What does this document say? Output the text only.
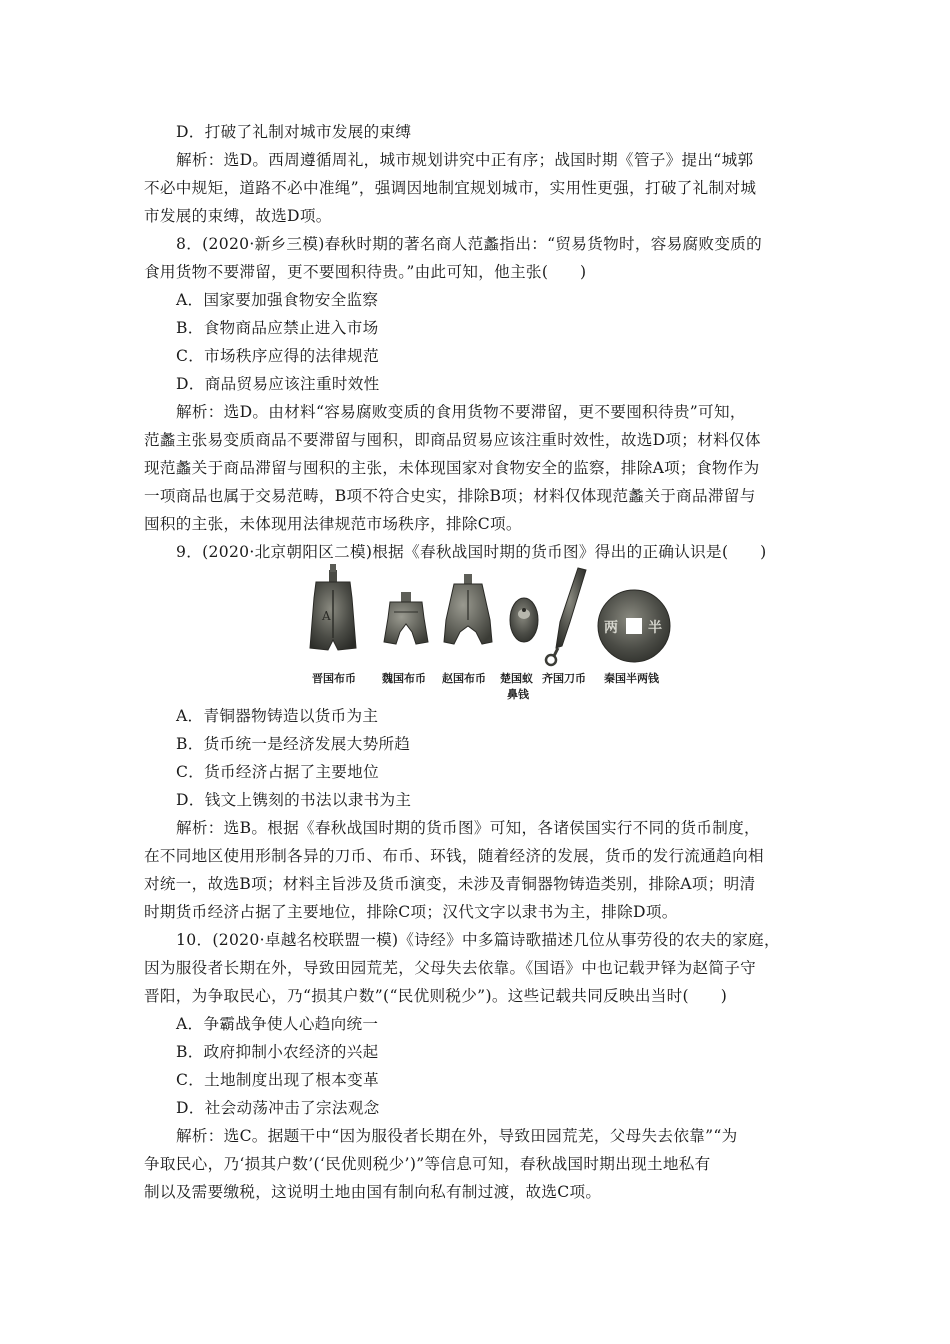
D．打破了礼制对城市发展的束缚
解析：选D。西周遵循周礼，城市规划讲究中正有序；战国时期《管子》提出“城郭
不必中规矩，道路不必中准绳”，强调因地制宜规划城市，实用性更强，打破了礼制对城
市发展的束缚，故选D项。
8．(2020·新乡三模)春秋时期的著名商人范蠡指出：“贸易货物时，容易腐败变质的
食用货物不要滞留，更不要囤积待贵。”由此可知，他主张(　　)
A．国家要加强食物安全监察
B．食物商品应禁止进入市场
C．市场秩序应得的法律规范
D．商品贸易应该注重时效性
解析：选D。由材料“容易腐败变质的食用货物不要滞留，更不要囤积待贵”可知，
范蠡主张易变质商品不要滞留与囤积，即商品贸易应该注重时效性，故选D项；材料仅体
现范蠡关于商品滞留与囤积的主张，未体现国家对食物安全的监察，排除A项；食物作为
一项商品也属于交易范畴，B项不符合史实，排除B项；材料仅体现范蠡关于商品滞留与
囤积的主张，未体现用法律规范市场秩序，排除C项。
9．(2020·北京朝阳区二模)根据《春秋战国时期的货币图》得出的正确认识是(　　)
A．青铜器物铸造以货币为主
B．货币统一是经济发展大势所趋
C．货币经济占据了主要地位
D．钱文上镌刻的书法以隶书为主
解析：选B。根据《春秋战国时期的货币图》可知，各诸侯国实行不同的货币制度，
在不同地区使用形制各异的刀币、布币、环钱，随着经济的发展，货币的发行流通趋向相
对统一，故选B项；材料主旨涉及货币演变，未涉及青铜器物铸造类别，排除A项；明清
时期货币经济占据了主要地位，排除C项；汉代文字以隶书为主，排除D项。
10．(2020·卓越名校联盟一模)《诗经》中多篇诗歌描述几位从事劳役的农夫的家庭，
因为服役者长期在外，导致田园荒芜，父母失去依靠。《国语》中也记载尹铎为赵简子守
晋阳，为争取民心，乃“损其户数”(“民优则税少”)。这些记载共同反映出当时(　　)
A．争霸战争使人心趋向统一
B．政府抑制小农经济的兴起
C．土地制度出现了根本变革
D．社会动荡冲击了宗法观念
解析：选C。据题干中“因为服役者长期在外，导致田园荒芜，父母失去依靠”“为
争取民心，乃‘损其户数’(‘民优则税少’)”等信息可知，春秋战国时期出现土地私有
制以及需要缴税，这说明土地由国有制向私有制过渡，故选C项。
A
两 半
晋国布币 魏国布币 赵国布币 楚国蚁
鼻钱
齐国刀币 秦国半两钱
